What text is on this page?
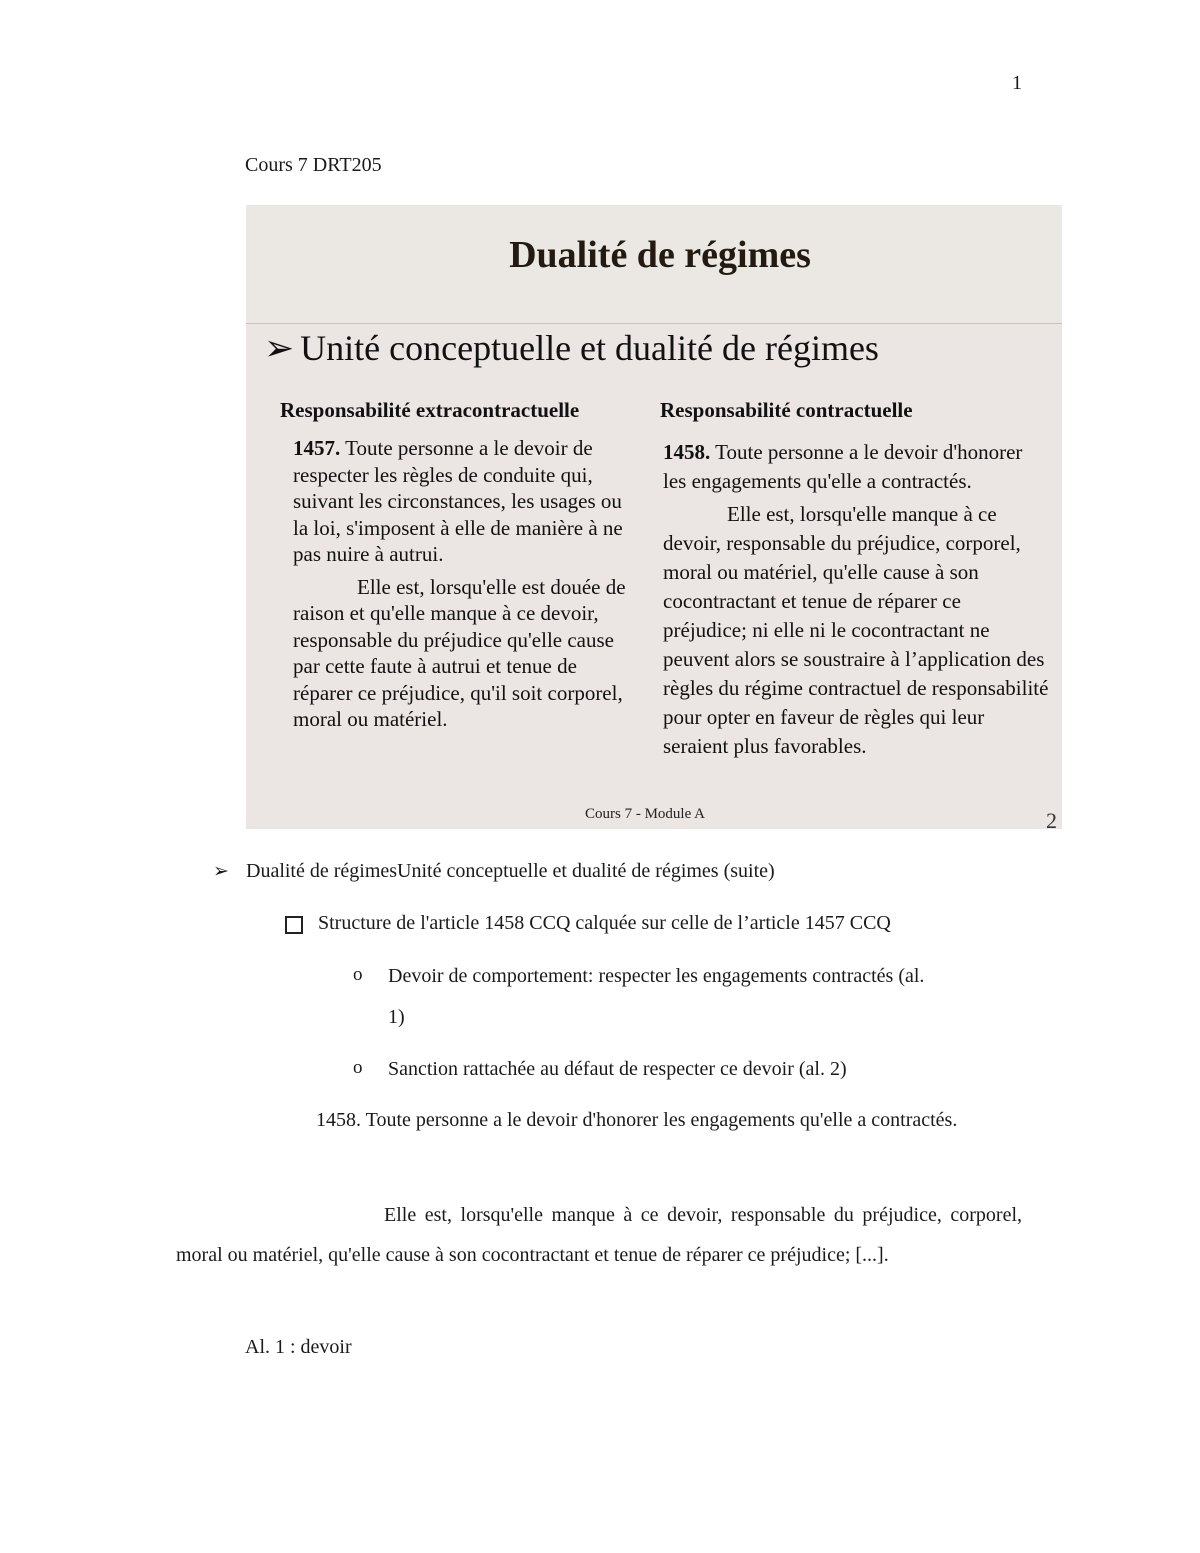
1
Cours 7 DRT205
Dualité de régimes
➢ Unité conceptuelle et dualité de régimes
Responsabilité extracontractuelle

1457. Toute personne a le devoir de respecter les règles de conduite qui, suivant les circonstances, les usages ou la loi, s'imposent à elle de manière à ne pas nuire à autrui.

Elle est, lorsqu'elle est douée de raison et qu'elle manque à ce devoir, responsable du préjudice qu'elle cause par cette faute à autrui et tenue de réparer ce préjudice, qu'il soit corporel, moral ou matériel.

Responsabilité contractuelle

1458. Toute personne a le devoir d'honorer les engagements qu'elle a contractés.

Elle est, lorsqu'elle manque à ce devoir, responsable du préjudice, corporel, moral ou matériel, qu'elle cause à son cocontractant et tenue de réparer ce préjudice; ni elle ni le cocontractant ne peuvent alors se soustraire à l’application des règles du régime contractuel de responsabilité pour opter en faveur de règles qui leur seraient plus favorables.

Cours 7 - Module A	2
➢ Dualité de régimesUnité conceptuelle et dualité de régimes (suite)
Structure de l'article 1458 CCQ calquée sur celle de l’article 1457 CCQ
o Devoir de comportement: respecter les engagements contractés (al.
1)
o Sanction rattachée au défaut de respecter ce devoir (al. 2)
1458. Toute personne a le devoir d'honorer les engagements qu'elle a contractés.
Elle est, lorsqu'elle manque à ce devoir, responsable du préjudice, corporel, moral ou matériel, qu'elle cause à son cocontractant et tenue de réparer ce préjudice; [...].
Al. 1 : devoir
